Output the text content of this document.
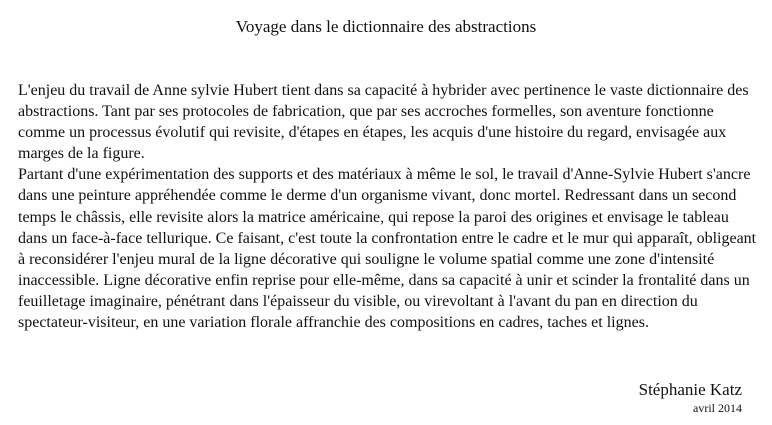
Voyage dans le dictionnaire des abstractions

L'enjeu du travail de Anne sylvie Hubert tient dans sa capacité à hybrider avec pertinence le vaste dictionnaire des abstractions. Tant par ses protocoles de fabrication, que par ses accroches formelles, son aventure fonctionne comme un processus évolutif qui revisite, d'étapes en étapes, les acquis d'une histoire du regard, envisagée aux marges de la figure.

Partant d'une expérimentation des supports et des matériaux à même le sol, le travail d'Anne-Sylvie Hubert s'ancre dans une peinture appréhendée comme le derme d'un organisme vivant, donc mortel. Redressant dans un second temps le châssis, elle revisite alors la matrice américaine, qui repose la paroi des origines et envisage le tableau dans un face-à-face tellurique. Ce faisant, c'est toute la confrontation entre le cadre et le mur qui apparaît, obligeant à reconsidérer l'enjeu mural de la ligne décorative qui souligne le volume spatial comme une zone d'intensité inaccessible. Ligne décorative enfin reprise pour elle-même, dans sa capacité à unir et scinder la frontalité dans un feuilletage imaginaire, pénétrant dans l'épaisseur du visible, ou virevoltant à l'avant du pan en direction du spectateur-visiteur, en une variation florale affranchie des compositions en cadres, taches et lignes.

Stéphanie Katz
avril 2014
